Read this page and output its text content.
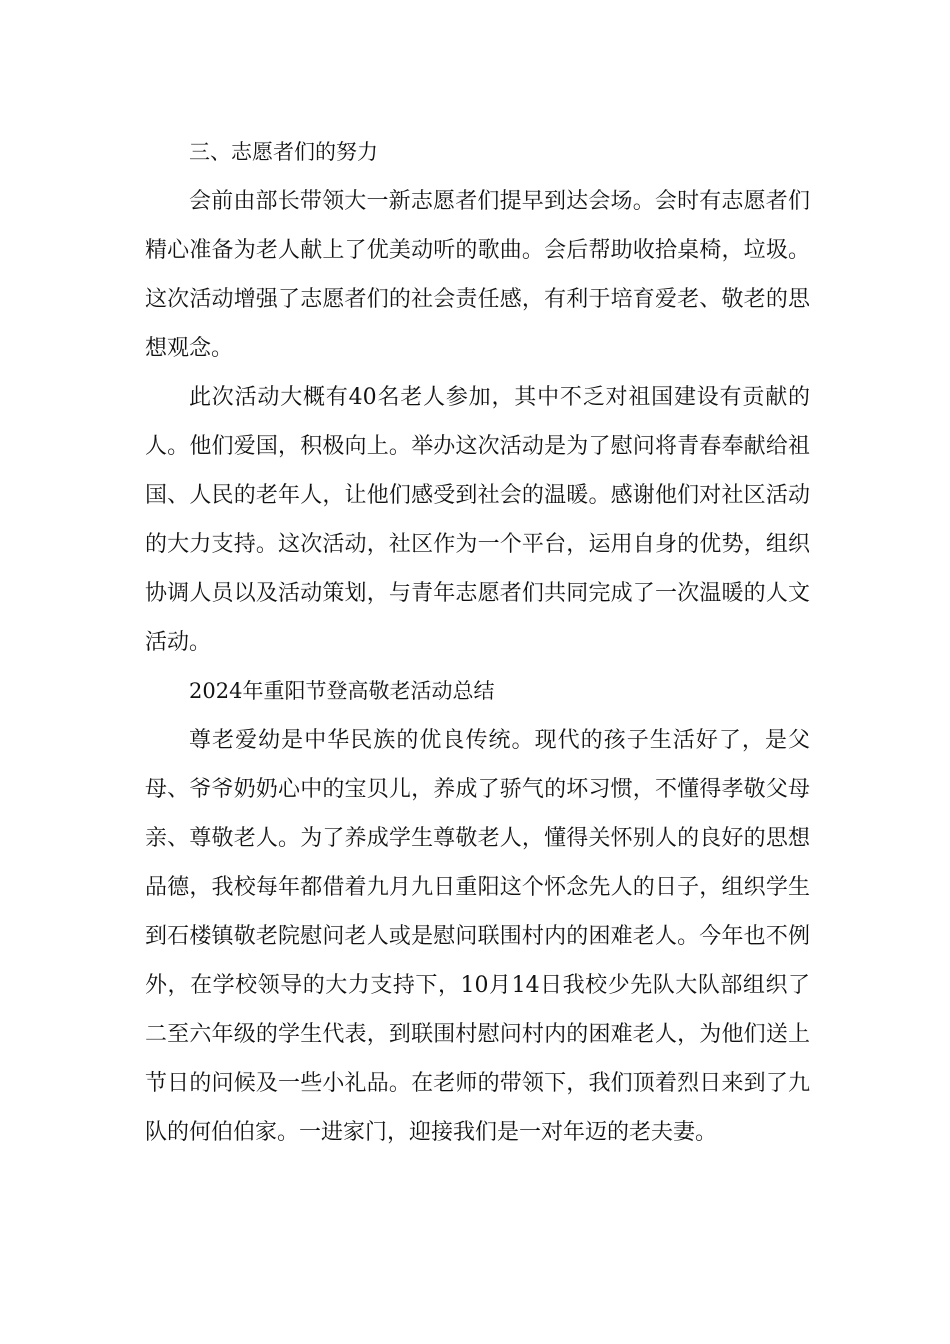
三、志愿者们的努力

会前由部长带领大一新志愿者们提早到达会场。会时有志愿者们精心准备为老人献上了优美动听的歌曲。会后帮助收拾桌椅，垃圾。这次活动增强了志愿者们的社会责任感，有利于培育爱老、敬老的思想观念。

此次活动大概有40名老人参加，其中不乏对祖国建设有贡献的人。他们爱国，积极向上。举办这次活动是为了慰问将青春奉献给祖国、人民的老年人，让他们感受到社会的温暖。感谢他们对社区活动的大力支持。这次活动，社区作为一个平台，运用自身的优势，组织协调人员以及活动策划，与青年志愿者们共同完成了一次温暖的人文活动。

2024年重阳节登高敬老活动总结

尊老爱幼是中华民族的优良传统。现代的孩子生活好了，是父母、爷爷奶奶心中的宝贝儿，养成了骄气的坏习惯，不懂得孝敬父母亲、尊敬老人。为了养成学生尊敬老人，懂得关怀别人的良好的思想品德，我校每年都借着九月九日重阳这个怀念先人的日子，组织学生到石楼镇敬老院慰问老人或是慰问联围村内的困难老人。今年也不例外，在学校领导的大力支持下，10月14日我校少先队大队部组织了二至六年级的学生代表，到联围村慰问村内的困难老人，为他们送上节日的问候及一些小礼品。在老师的带领下，我们顶着烈日来到了九队的何伯伯家。一进家门，迎接我们是一对年迈的老夫妻。
